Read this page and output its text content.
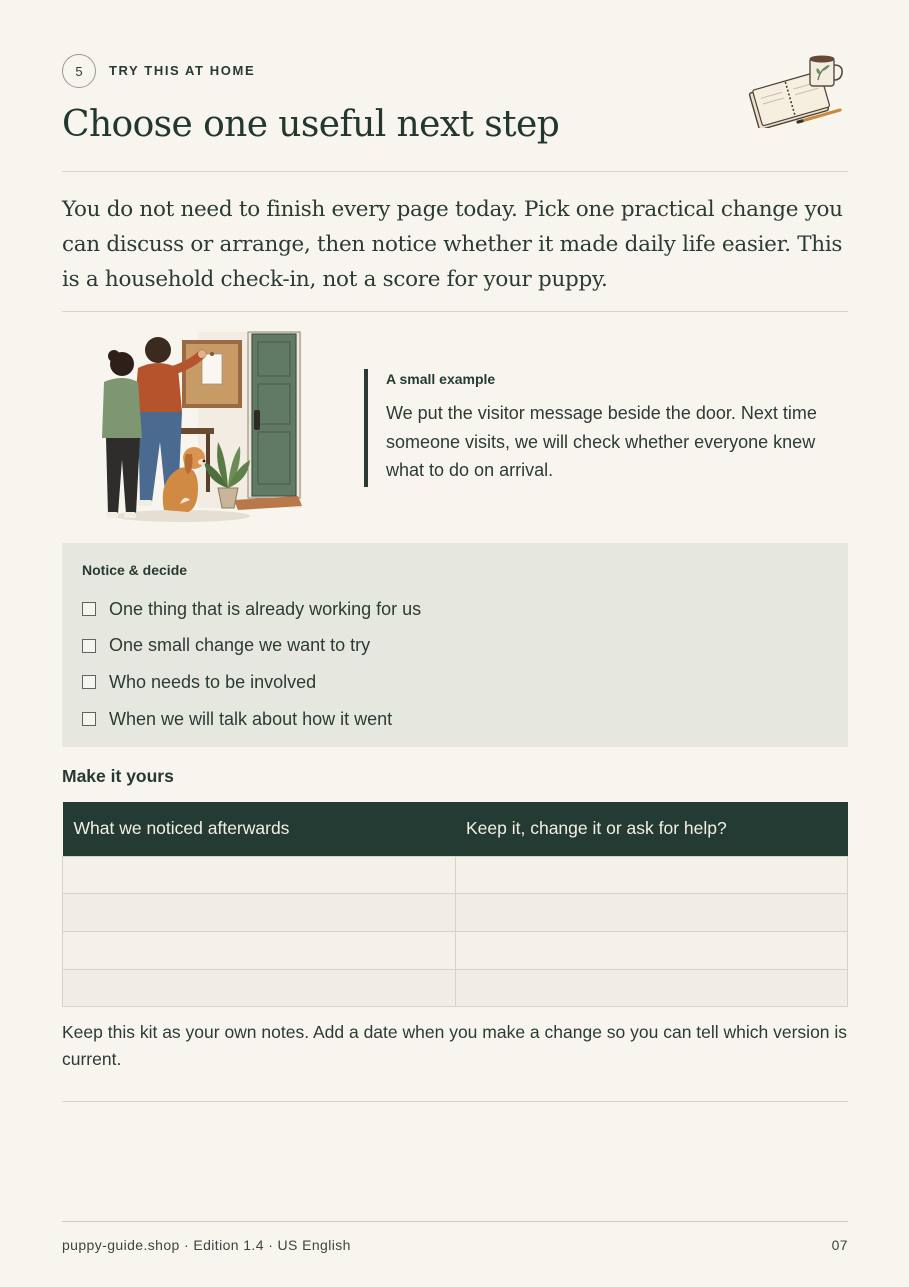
5	TRY THIS AT HOME
Choose one useful next step

You do not need to finish every page today. Pick one practical change you can discuss or arrange, then notice whether it made daily life easier. This is a household check-in, not a score for your puppy.

A small example

We put the visitor message beside the door. Next time someone visits, we will check whether everyone knew what to do on arrival.

Notice & decide
One thing that is already working for us
One small change we want to try
Who needs to be involved
When we will talk about how it went
Make it yours
What we noticed afterwards	Keep it, change it or ask for help?

Keep this kit as your own notes. Add a date when you make a change so you can tell which version is current.

puppy-guide.shop · Edition 1.4 · US English	07
